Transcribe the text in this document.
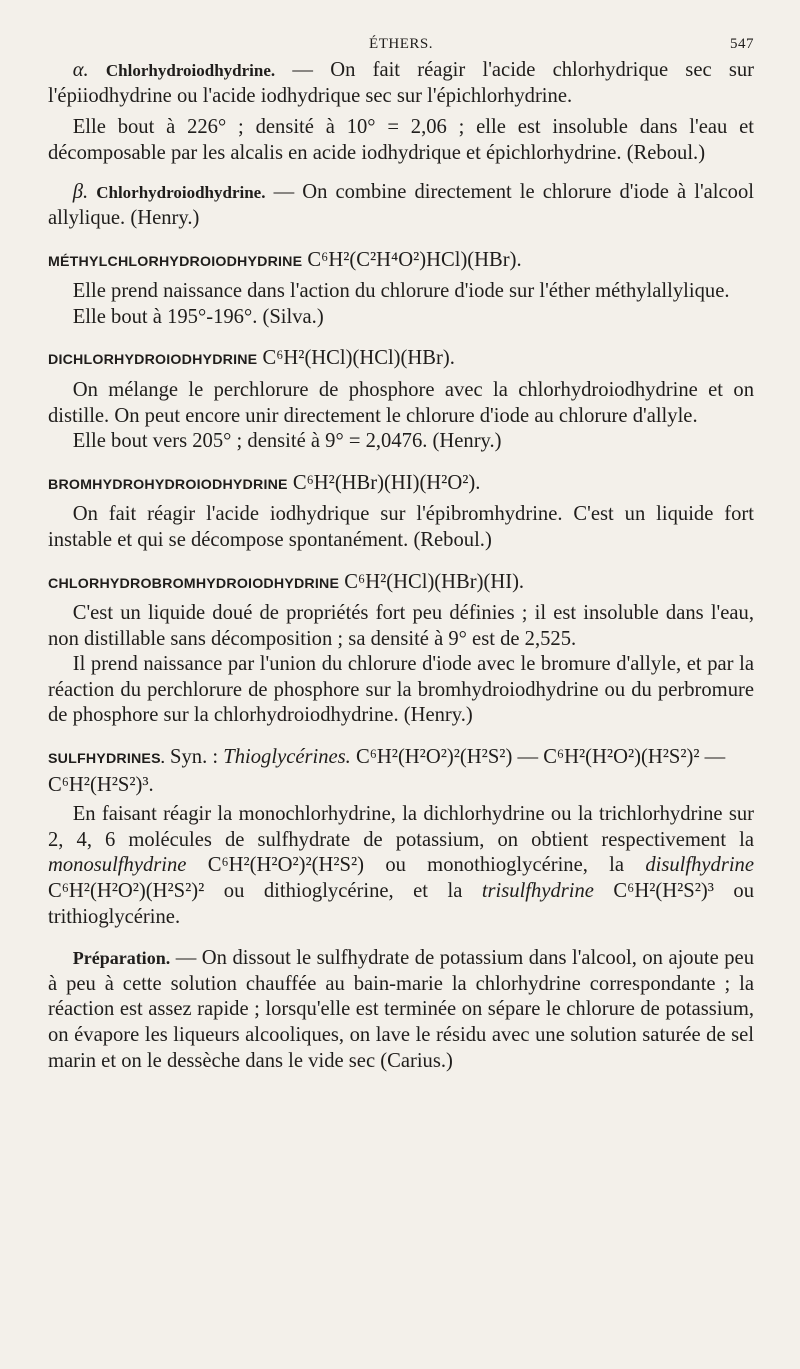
ÉTHERS.	547

α. Chlorhydroiodhydrine. — On fait réagir l'acide chlorhydrique sec sur l'épiiodhydrine ou l'acide iodhydrique sec sur l'épichlorhydrine.

Elle bout à 226° ; densité à 10° = 2,06 ; elle est insoluble dans l'eau et décomposable par les alcalis en acide iodhydrique et épichlorhydrine. (Reboul.)

β. Chlorhydroiodhydrine. — On combine directement le chlorure d'iode à l'alcool allylique. (Henry.)

MÉTHYLCHLORHYDROIODHYDRINE C⁶H²(C²H⁴O²)HCl)(HBr).

Elle prend naissance dans l'action du chlorure d'iode sur l'éther méthylallylique.

Elle bout à 195°-196°. (Silva.)

DICHLORHYDROIODHYDRINE C⁶H²(HCl)(HCl)(HBr).

On mélange le perchlorure de phosphore avec la chlorhydroiodhydrine et on distille. On peut encore unir directement le chlorure d'iode au chlorure d'allyle.

Elle bout vers 205° ; densité à 9° = 2,0476. (Henry.)

BROMHYDROHYDROIODHYDRINE C⁶H²(HBr)(HI)(H²O²).

On fait réagir l'acide iodhydrique sur l'épibromhydrine. C'est un liquide fort instable et qui se décompose spontanément. (Reboul.)

CHLORHYDROBROMHYDROIODHYDRINE C⁶H²(HCl)(HBr)(HI).

C'est un liquide doué de propriétés fort peu définies ; il est insoluble dans l'eau, non distillable sans décomposition ; sa densité à 9° est de 2,525.

Il prend naissance par l'union du chlorure d'iode avec le bromure d'allyle, et par la réaction du perchlorure de phosphore sur la bromhydroiodhydrine ou du perbromure de phosphore sur la chlorhydroiodhydrine. (Henry.)

SULFHYDRINES. Syn. : Thioglycérines. C⁶H²(H²O²)²(H²S²) — C⁶H²(H²O²)(H²S²)² — C⁶H²(H²S²)³.

En faisant réagir la monochlorhydrine, la dichlorhydrine ou la trichlorhydrine sur 2, 4, 6 molécules de sulfhydrate de potassium, on obtient respectivement la monosulfhydrine C⁶H²(H²O²)²(H²S²) ou monothioglycérine, la disulfhydrine C⁶H²(H²O²)(H²S²)² ou dithioglycérine, et la trisulfhydrine C⁶H²(H²S²)³ ou trithioglycérine.

Préparation. — On dissout le sulfhydrate de potassium dans l'alcool, on ajoute peu à peu à cette solution chauffée au bain-marie la chlorhydrine correspondante ; la réaction est assez rapide ; lorsqu'elle est terminée on sépare le chlorure de potassium, on évapore les liqueurs alcooliques, on lave le résidu avec une solution saturée de sel marin et on le dessèche dans le vide sec (Carius.)
